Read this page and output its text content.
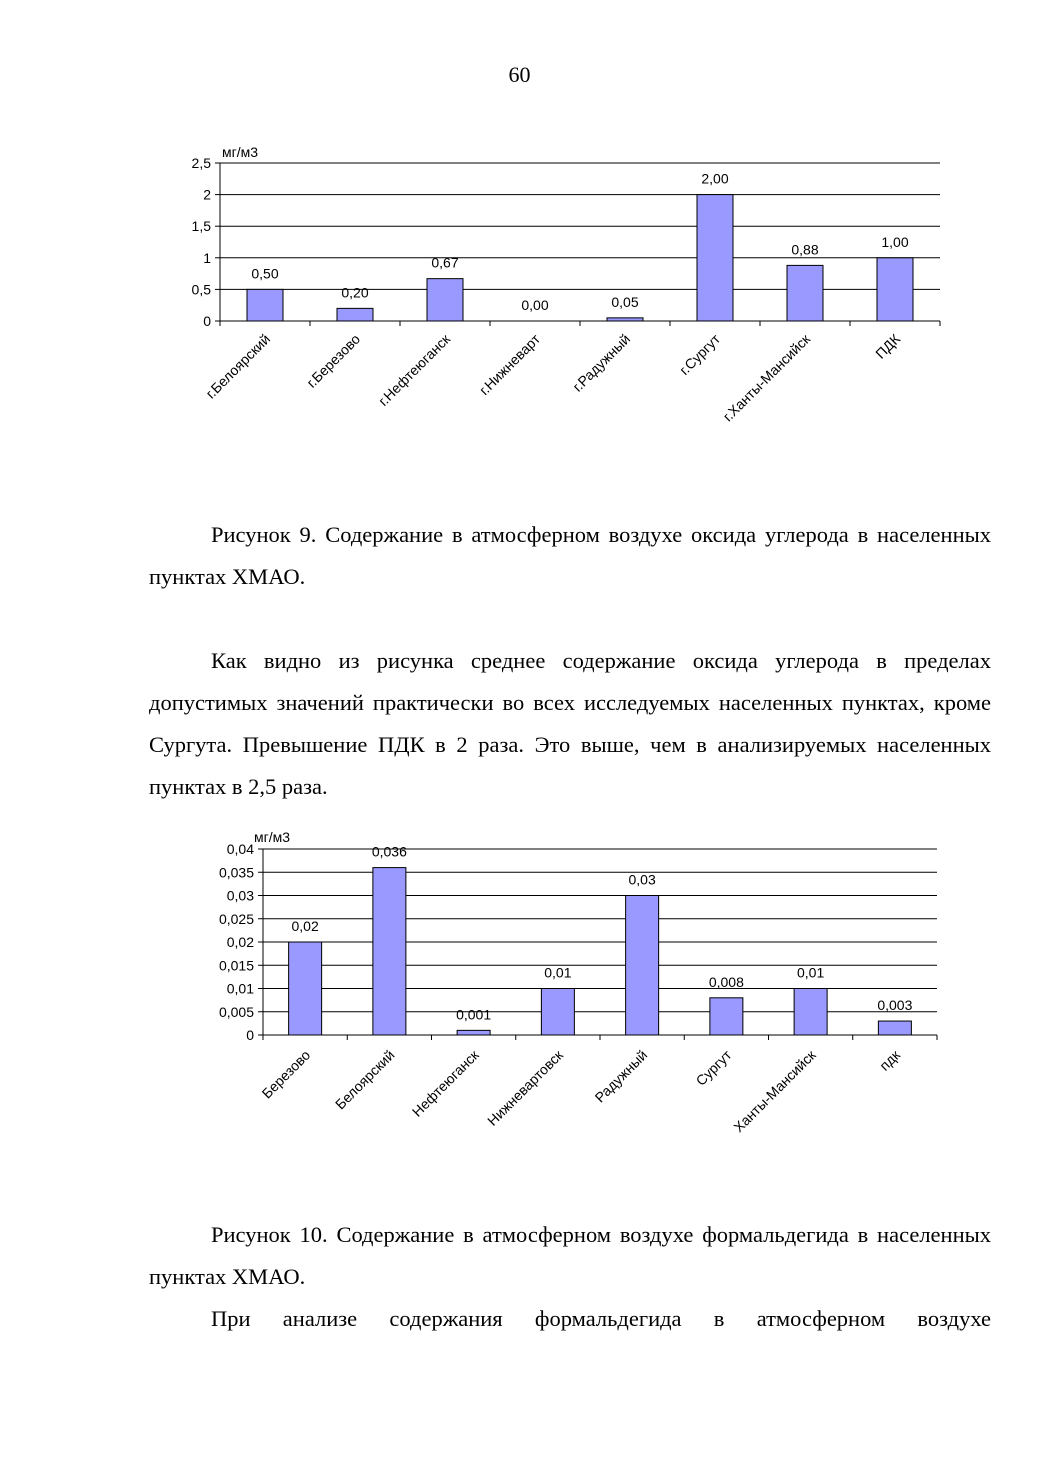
60
0
0,5
1
1,5
2
2,5
мг/м3
0,50
г.Белоярский
0,20
г.Березово
0,67
г.Нефтеюганск
0,00
г.Нижневарт
0,05
г.Радужный
2,00
г.Сургут
0,88
г.Ханты-Мансийск
1,00
ПДК

Рисунок 9. Содержание в атмосферном воздухе оксида углерода в населенных пунктах ХМАО.

Как видно из рисунка среднее содержание оксида углерода в пределах допустимых значений практически во всех исследуемых населенных пунктах, кроме Сургута. Превышение ПДК в 2 раза. Это выше, чем в анализируемых населенных пунктах в 2,5 раза.

0
0,005
0,01
0,015
0,02
0,025
0,03
0,035
0,04
мг/м3
0,02
Березово
0,036
Белоярский
0,001
Нефтеюганск
0,01
Нижневартовск
0,03
Радужный
0,008
Сургут
0,01
Ханты-Мансийск
0,003
пдк

Рисунок 10. Содержание в атмосферном воздухе формальдегида в населенных пунктах ХМАО.

При анализе содержания формальдегида в атмосферном воздухе
